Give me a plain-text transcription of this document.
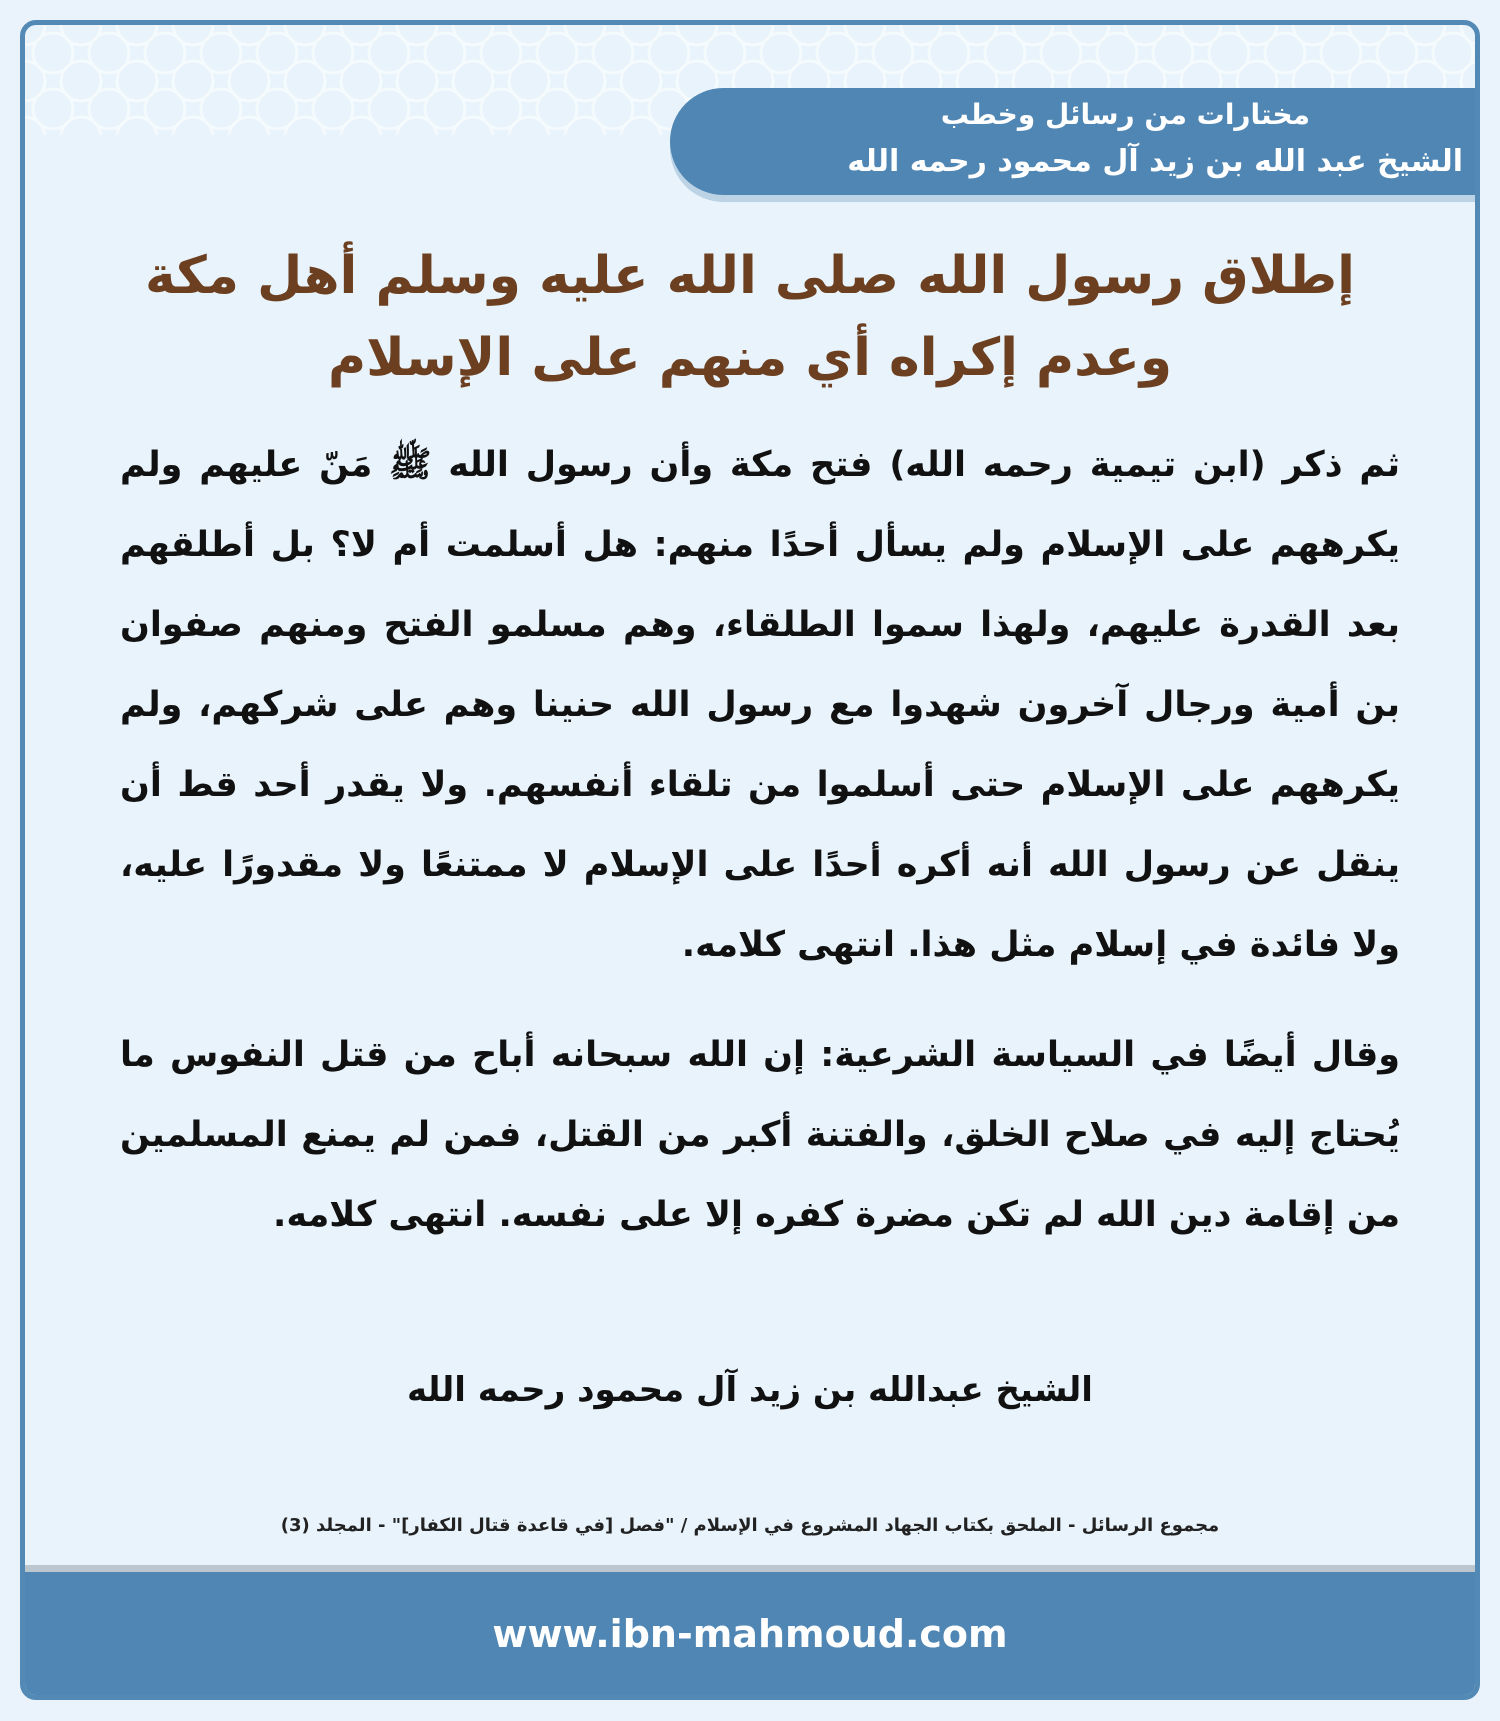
مختارات من رسائل وخطب
الشيخ عبد الله بن زيد آل محمود رحمه الله
إطلاق رسول الله صلى الله عليه وسلم أهل مكة وعدم إكراه أي منهم على الإسلام

ثم ذكر (ابن تيمية رحمه الله) فتح مكة وأن رسول الله ﷺ مَنّ عليهم ولم يكرههم على الإسلام ولم يسأل أحدًا منهم: هل أسلمت أم لا؟ بل أطلقهم بعد القدرة عليهم، ولهذا سموا الطلقاء، وهم مسلمو الفتح ومنهم صفوان بن أمية ورجال آخرون شهدوا مع رسول الله حنينا وهم على شركهم، ولم يكرههم على الإسلام حتى أسلموا من تلقاء أنفسهم. ولا يقدر أحد قط أن ينقل عن رسول الله أنه أكره أحدًا على الإسلام لا ممتنعًا ولا مقدورًا عليه، ولا فائدة في إسلام مثل هذا. انتهى كلامه.

وقال أيضًا في السياسة الشرعية: إن الله سبحانه أباح من قتل النفوس ما يُحتاج إليه في صلاح الخلق، والفتنة أكبر من القتل، فمن لم يمنع المسلمين من إقامة دين الله لم تكن مضرة كفره إلا على نفسه. انتهى كلامه.

الشيخ عبدالله بن زيد آل محمود رحمه الله
مجموع الرسائل - الملحق بكتاب الجهاد المشروع في الإسلام / "فصل [في قاعدة قتال الكفار]" - المجلد (3)
www.ibn-mahmoud.com
